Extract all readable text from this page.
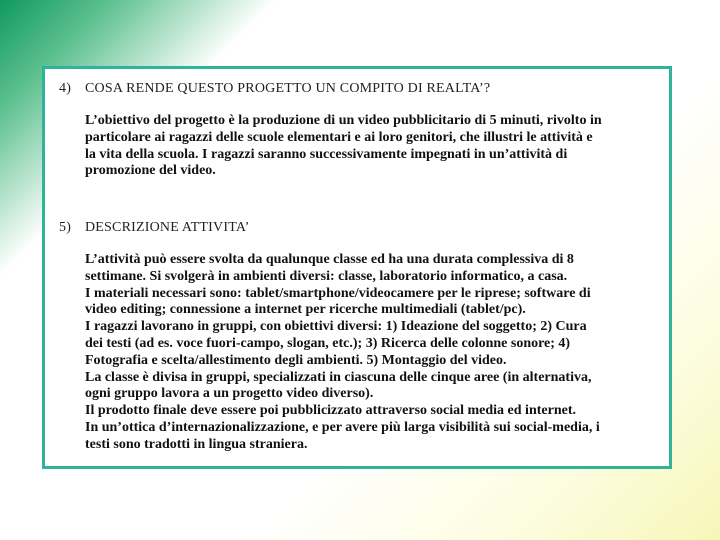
4) COSA RENDE QUESTO PROGETTO UN COMPITO DI REALTA’?
L’obiettivo del progetto è la produzione di un video pubblicitario di 5 minuti, rivolto in
particolare ai ragazzi delle scuole elementari e ai loro genitori, che illustri le attività e
la vita della scuola. I ragazzi saranno successivamente impegnati in un’attività di
promozione del video.
5) DESCRIZIONE ATTIVITA’
L’attività può essere svolta da qualunque classe ed ha una durata complessiva di 8
settimane. Si svolgerà in ambienti diversi: classe, laboratorio informatico, a casa.
I materiali necessari sono: tablet/smartphone/videocamere per le riprese; software di
video editing; connessione a internet per ricerche multimediali (tablet/pc).
I ragazzi lavorano in gruppi, con obiettivi diversi: 1) Ideazione del soggetto; 2) Cura
dei testi (ad es. voce fuori-campo, slogan, etc.); 3) Ricerca delle colonne sonore; 4)
Fotografia e scelta/allestimento degli ambienti. 5) Montaggio del video.
La classe è divisa in gruppi, specializzati in ciascuna delle cinque aree (in alternativa,
ogni gruppo lavora a un progetto video diverso).
Il prodotto finale deve essere poi pubblicizzato attraverso social media ed internet.
In un’ottica d’internazionalizzazione, e per avere più larga visibilità sui social-media, i
testi sono tradotti in lingua straniera.
